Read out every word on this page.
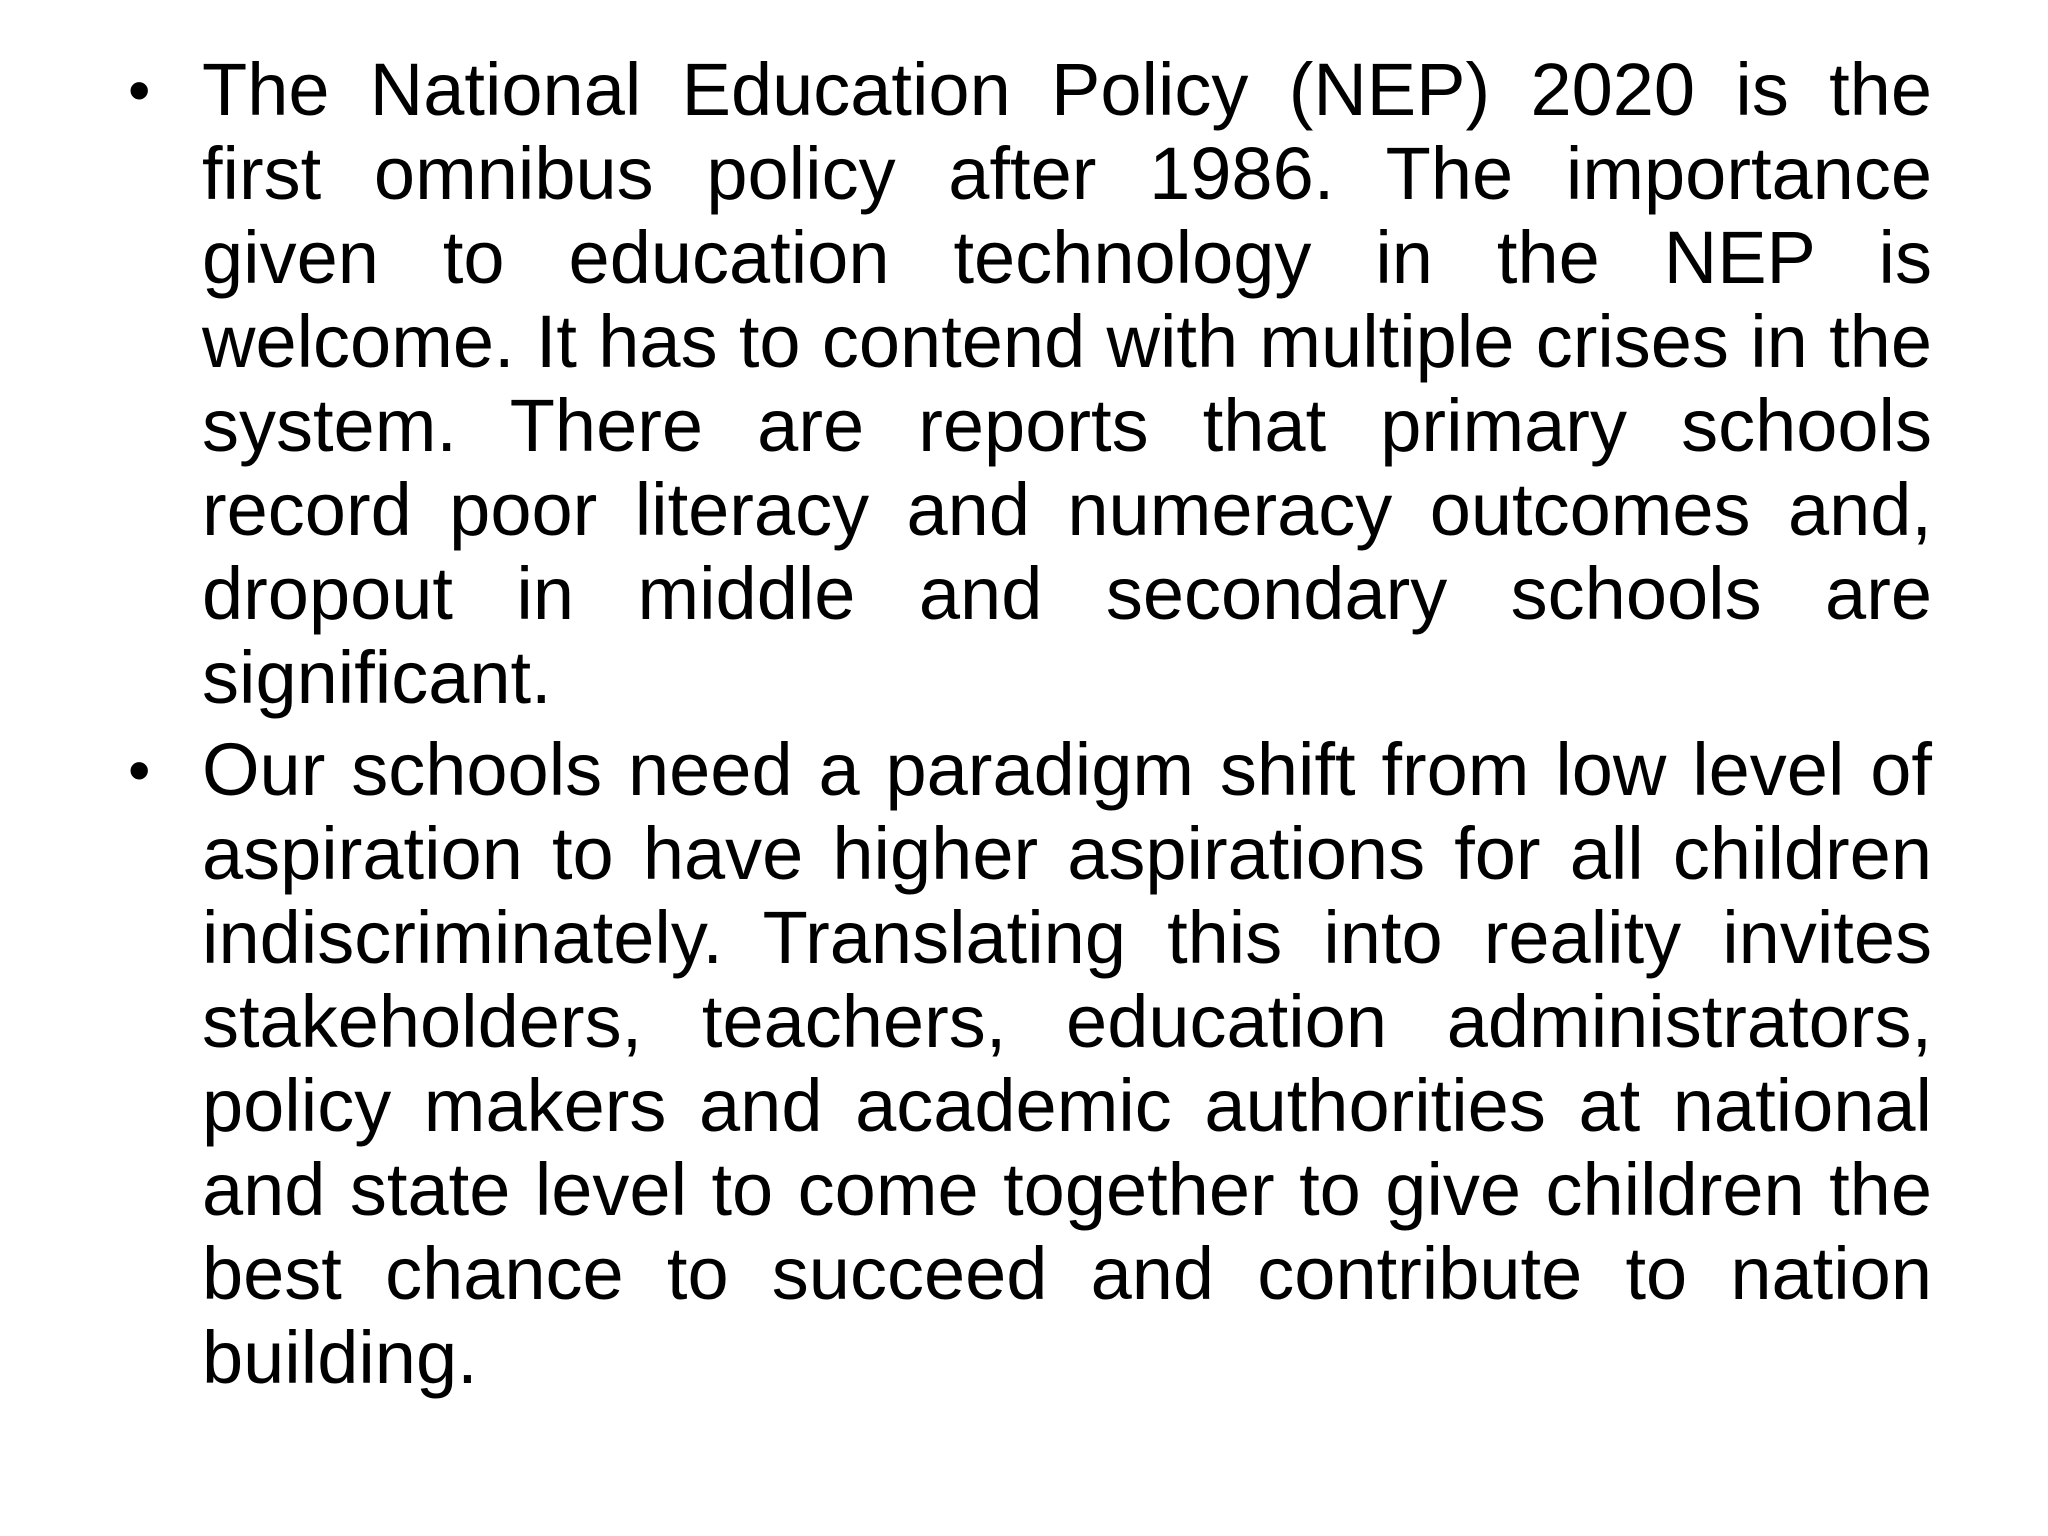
• The National Education Policy (NEP) 2020 is the first omnibus policy after 1986. The importance given to education technology in the NEP is welcome. It has to contend with multiple crises in the system. There are reports that primary schools record poor literacy and numeracy outcomes and, dropout in middle and secondary schools are significant.
• Our schools need a paradigm shift from low level of aspiration to have higher aspirations for all children indiscriminately. Translating this into reality invites stakeholders, teachers, education administrators, policy makers and academic authorities at national and state level to come together to give children the best chance to succeed and contribute to nation building.
